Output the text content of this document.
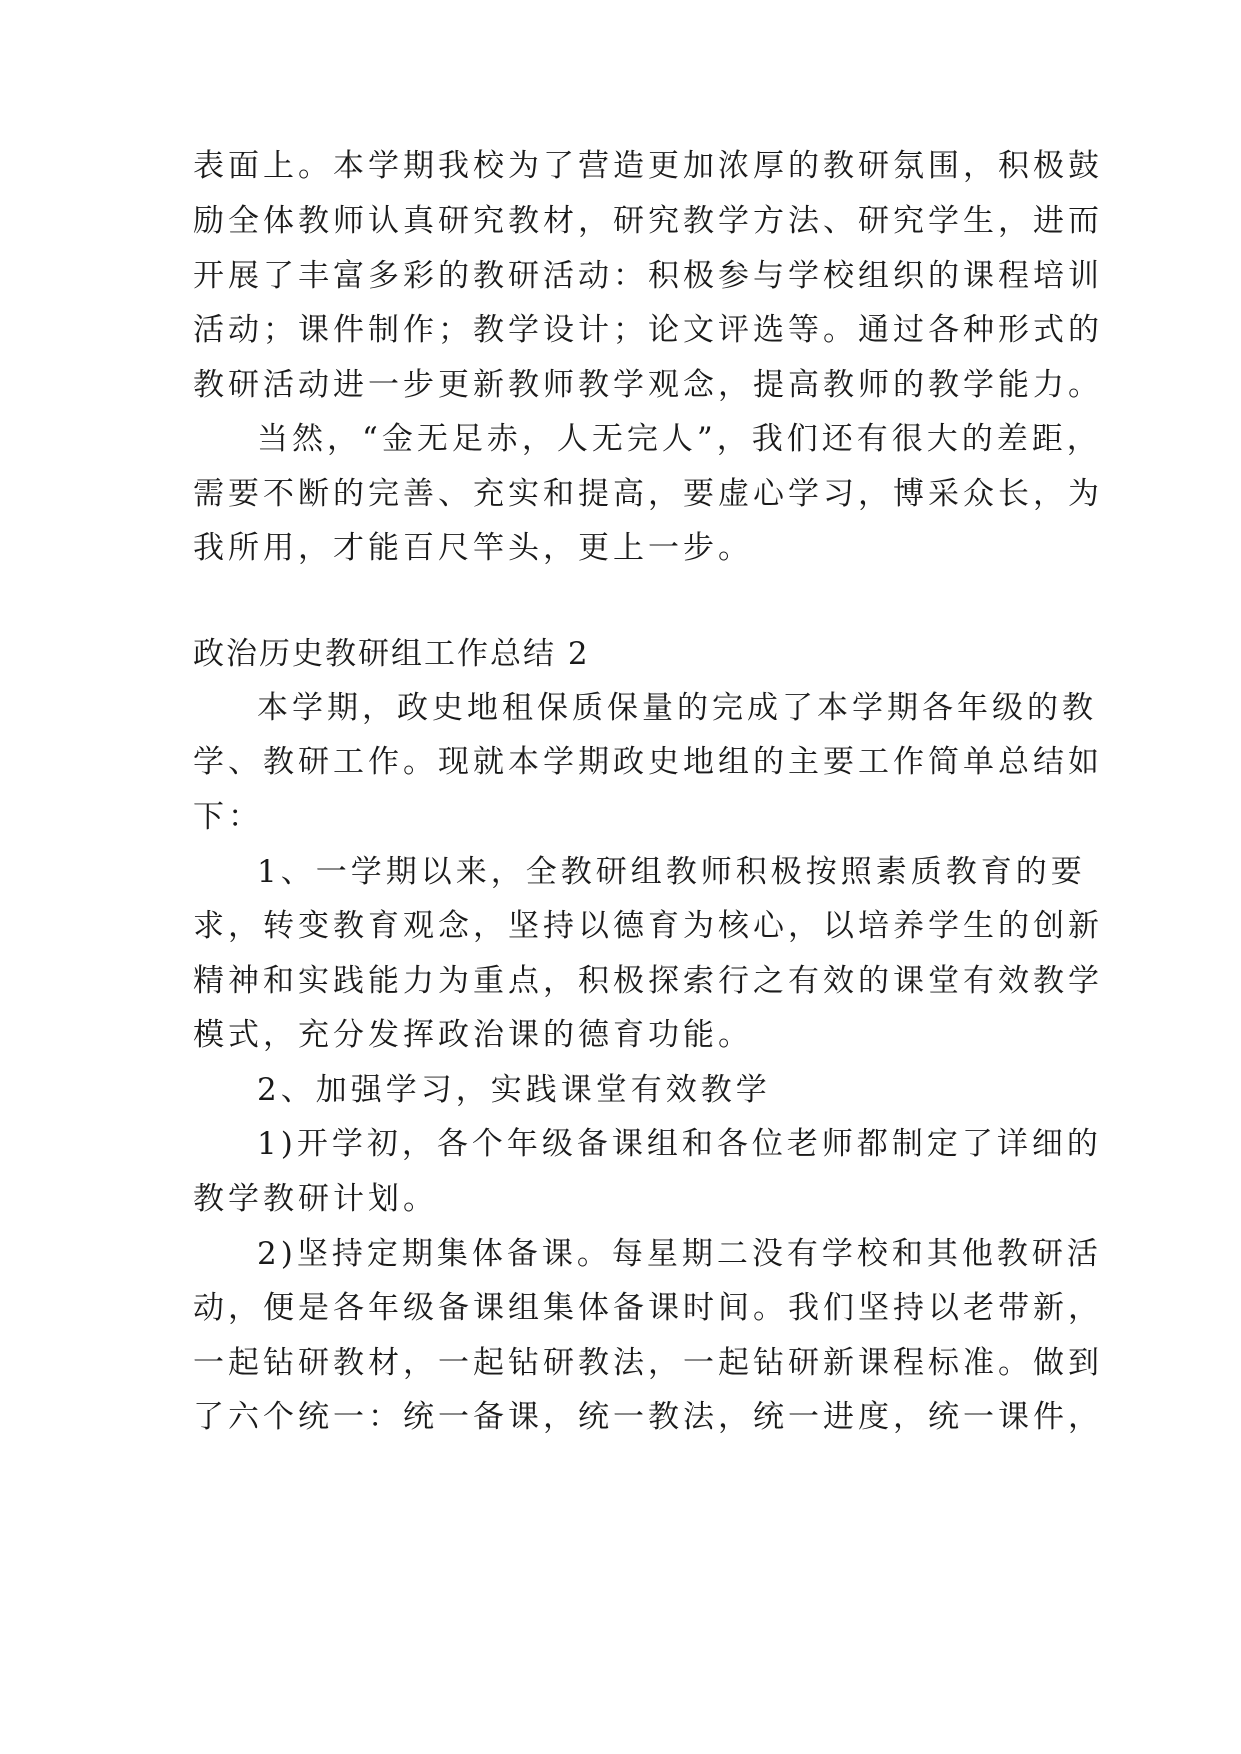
表面上。本学期我校为了营造更加浓厚的教研氛围，积极鼓
励全体教师认真研究教材，研究教学方法、研究学生，进而
开展了丰富多彩的教研活动：积极参与学校组织的课程培训
活动；课件制作；教学设计；论文评选等。通过各种形式的
教研活动进一步更新教师教学观念，提高教师的教学能力。
当然，“金无足赤，人无完人”，我们还有很大的差距，
需要不断的完善、充实和提高，要虚心学习，博采众长，为
我所用，才能百尺竿头，更上一步。
政治历史教研组工作总结 2
本学期，政史地租保质保量的完成了本学期各年级的教
学、教研工作。现就本学期政史地组的主要工作简单总结如
下：
1、一学期以来，全教研组教师积极按照素质教育的要
求，转变教育观念，坚持以德育为核心，以培养学生的创新
精神和实践能力为重点，积极探索行之有效的课堂有效教学
模式，充分发挥政治课的德育功能。
2、加强学习，实践课堂有效教学
1)开学初，各个年级备课组和各位老师都制定了详细的
教学教研计划。
2)坚持定期集体备课。每星期二没有学校和其他教研活
动，便是各年级备课组集体备课时间。我们坚持以老带新，
一起钻研教材，一起钻研教法，一起钻研新课程标准。做到
了六个统一：统一备课，统一教法，统一进度，统一课件，
